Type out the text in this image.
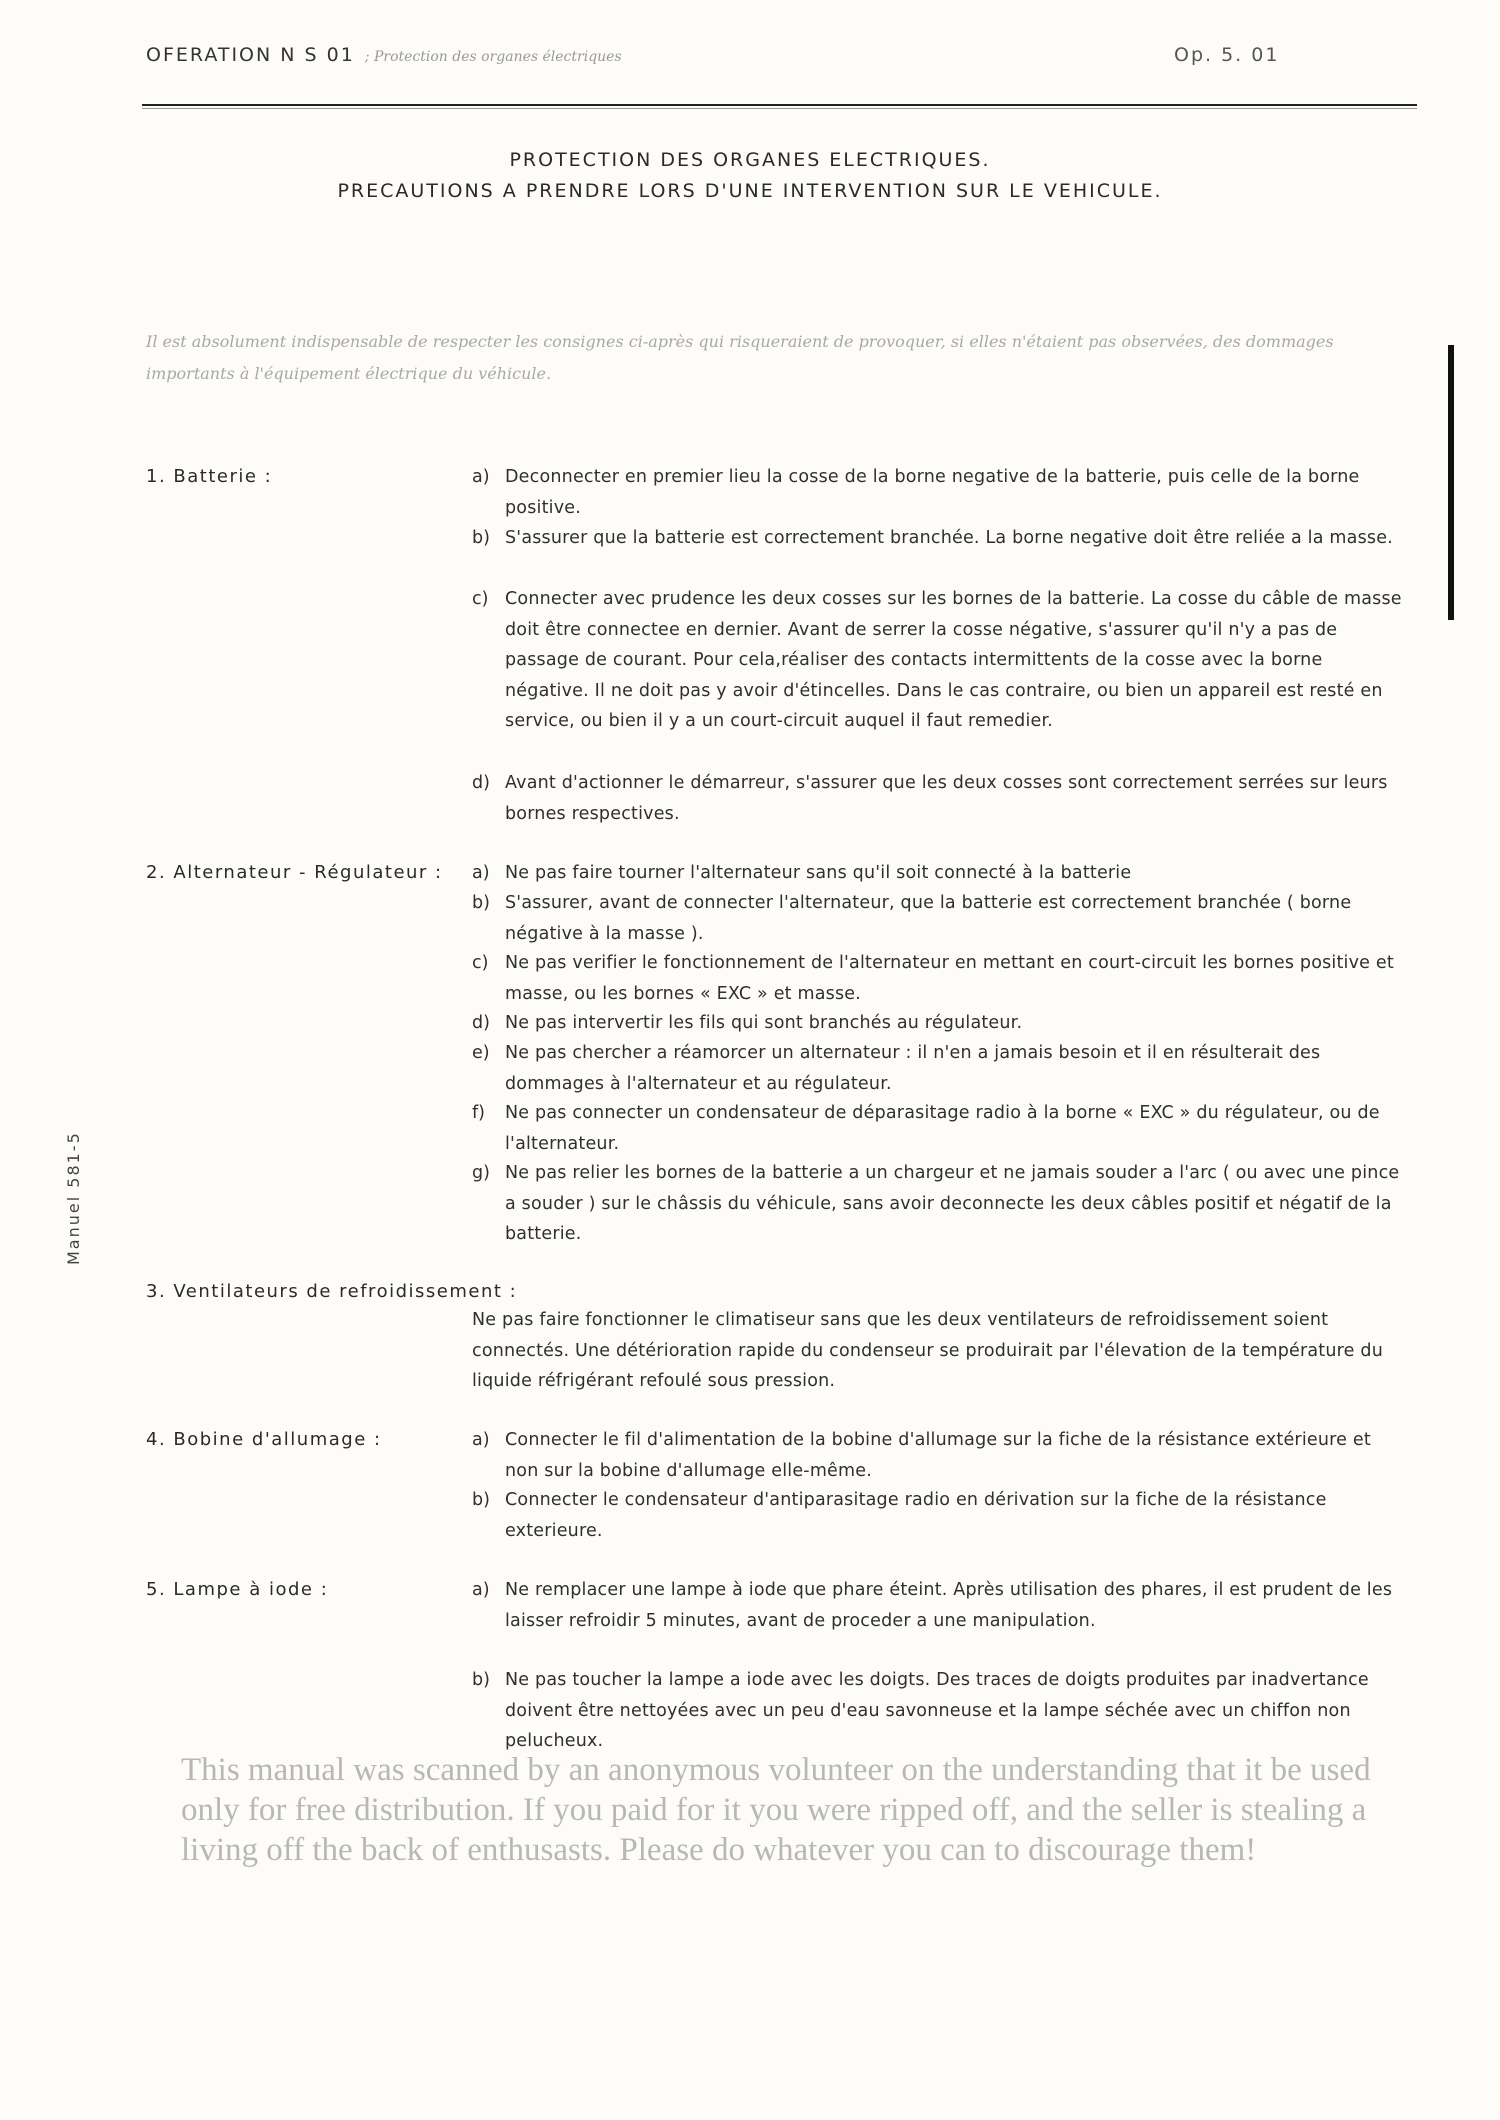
OFERATION N S 01 ; Protection des organes électriques	Op. 5. 01
PROTECTION DES ORGANES ELECTRIQUES.
PRECAUTIONS A PRENDRE LORS D'UNE INTERVENTION SUR LE VEHICULE.
Il est absolument indispensable de respecter les consignes ci-après qui risqueraient de provoquer, si elles n'étaient pas observées, des dommages importants à l'équipement électrique du véhicule.
1. Batterie :	a) Deconnecter en premier lieu la cosse de la borne negative de la batterie, puis celle de la borne positive.
b) S'assurer que la batterie est correctement branchée. La borne negative doit être reliée a la masse.
c) Connecter avec prudence les deux cosses sur les bornes de la batterie. La cosse du câble de masse doit être connectee en dernier. Avant de serrer la cosse négative, s'assurer qu'il n'y a pas de passage de courant. Pour cela,réaliser des contacts intermittents de la cosse avec la borne négative. Il ne doit pas y avoir d'étincelles. Dans le cas contraire, ou bien un appareil est resté en service, ou bien il y a un court-circuit auquel il faut remedier.
d) Avant d'actionner le démarreur, s'assurer que les deux cosses sont correctement serrées sur leurs bornes respectives.
2. Alternateur - Régulateur : a) Ne pas faire tourner l'alternateur sans qu'il soit connecté à la batterie
b) S'assurer, avant de connecter l'alternateur, que la batterie est correctement branchée ( borne négative à la masse ).
c) Ne pas verifier le fonctionnement de l'alternateur en mettant en court-circuit les bornes positive et masse, ou les bornes « EXC » et masse.
d) Ne pas intervertir les fils qui sont branchés au régulateur.
e) Ne pas chercher a réamorcer un alternateur : il n'en a jamais besoin et il en résulterait des dommages à l'alternateur et au régulateur.
f)	Ne pas connecter un condensateur de déparasitage radio à la borne « EXC » du régulateur, ou de l'alternateur.
g) Ne pas relier les bornes de la batterie a un chargeur et ne jamais souder a l'arc ( ou avec une pince a souder ) sur le châssis du véhicule, sans avoir deconnecte les deux câbles positif et négatif de la batterie.
3. Ventilateurs de refroidissement :
Ne pas faire fonctionner le climatiseur sans que les deux ventilateurs de refroidissement soient connectés. Une détérioration rapide du condenseur se produirait par l'élevation de la température du liquide réfrigérant refoulé sous pression.
4. Bobine d'allumage :	a) Connecter le fil d'alimentation de la bobine d'allumage sur la fiche de la résistance extérieure et non sur la bobine d'allumage elle-même.
b) Connecter le condensateur d'antiparasitage radio en dérivation sur la fiche de la résistance exterieure.
5. Lampe à iode :	a) Ne remplacer une lampe à iode que phare éteint. Après utilisation des phares, il est prudent de les laisser refroidir 5 minutes, avant de proceder a une manipulation.
b) Ne pas toucher la lampe a iode avec les doigts. Des traces de doigts produites par inadvertance doivent être nettoyées avec un peu d'eau savonneuse et la lampe séchée avec un chiffon non pelucheux.
Manuel 581-5
This manual was scanned by an anonymous volunteer on the understanding that it be used only for free distribution. If you paid for it you were ripped off, and the seller is stealing a living off the back of enthusasts. Please do whatever you can to discourage them!
